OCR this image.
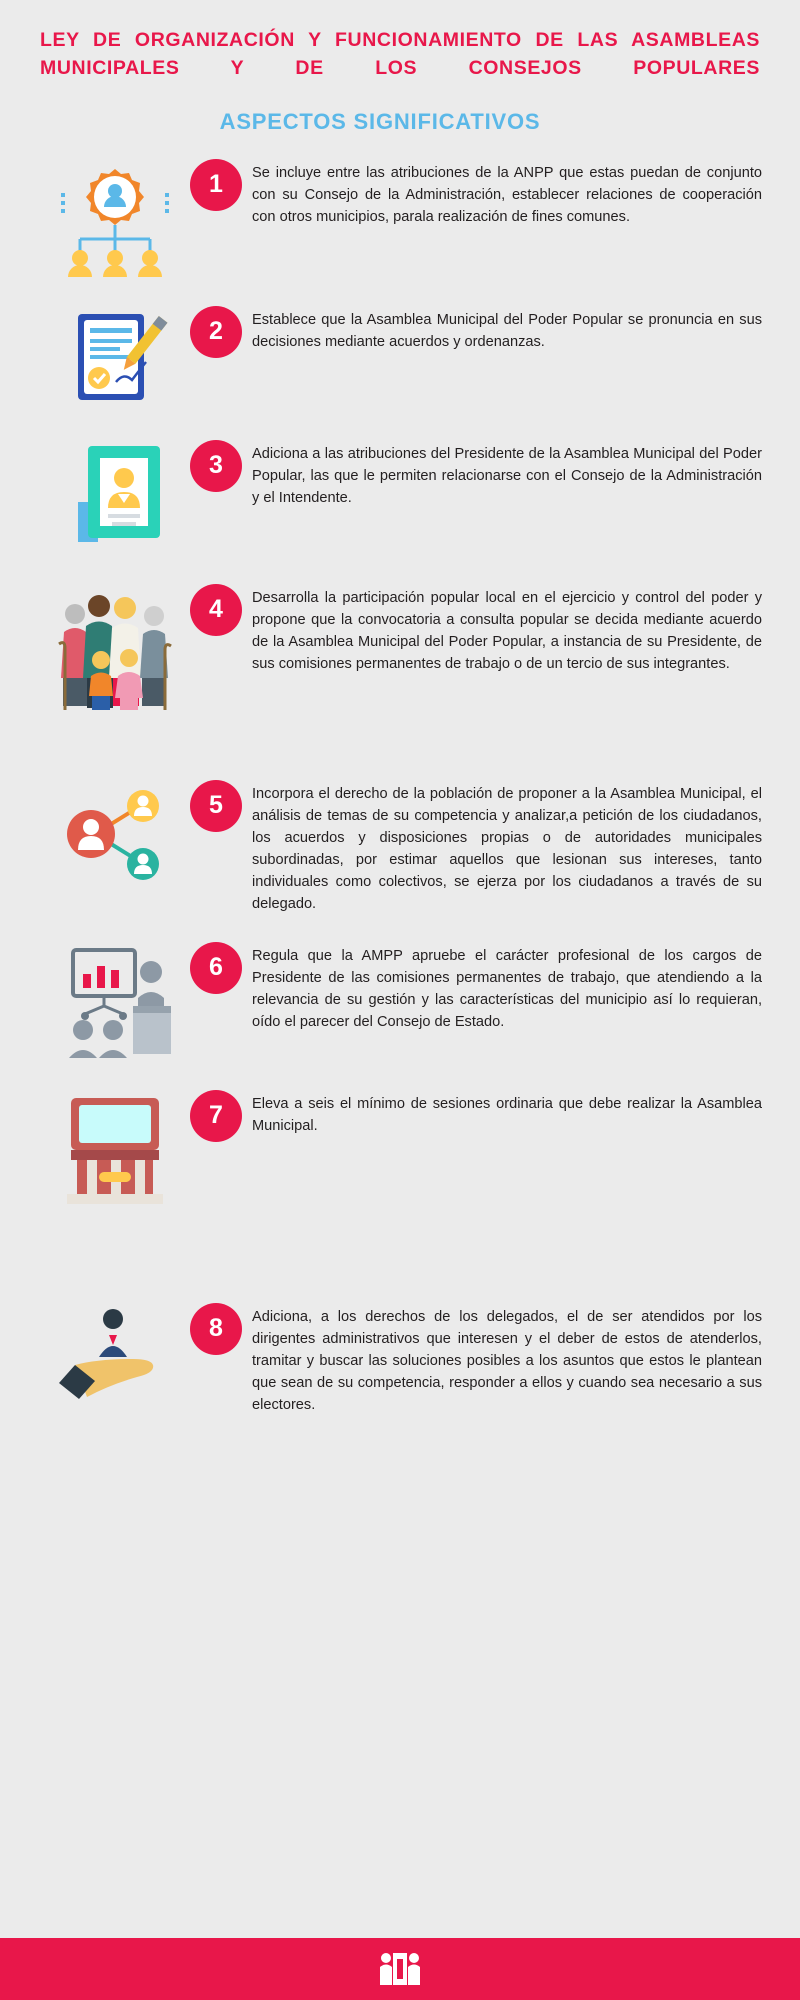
LEY DE ORGANIZACIÓN Y FUNCIONAMIENTO DE LAS ASAMBLEAS MUNICIPALES Y DE LOS CONSEJOS POPULARES
ASPECTOS SIGNIFICATIVOS
1	Se incluye entre las atribuciones de la ANPP que estas puedan de conjunto con su Consejo de la Administración, establecer relaciones de cooperación con otros municipios, parala realización de fines comunes.
2	Establece que la Asamblea Municipal del Poder Popular se pronuncia en sus decisiones mediante acuerdos y ordenanzas.
3	Adiciona a las atribuciones del Presidente de la Asamblea Municipal del Poder Popular, las que le permiten relacionarse con el Consejo de la Administración y el Intendente.
4	Desarrolla la participación popular local en el ejercicio y control del poder y propone que la convocatoria a consulta popular se decida mediante acuerdo de la Asamblea Municipal del Poder Popular, a instancia de su Presidente, de sus comisiones permanentes de trabajo o de un tercio de sus integrantes.
5	Incorpora el derecho de la población de proponer a la Asamblea Municipal, el análisis de temas de su competencia y analizar,a petición de los ciudadanos, los acuerdos y disposiciones propias o de autoridades municipales subordinadas, por estimar aquellos que lesionan sus intereses, tanto individuales como colectivos, se ejerza por los ciudadanos a través de su delegado.
6	Regula que la AMPP apruebe el carácter profesional de los cargos de Presidente de las comisiones permanentes de trabajo, que atendiendo a la relevancia de su gestión y las características del municipio así lo requieran, oído el parecer del Consejo de Estado.
7	Eleva a seis el mínimo de sesiones ordinaria que debe realizar la Asamblea Municipal.
8	Adiciona, a los derechos de los delegados, el de ser atendidos por los dirigentes administrativos que interesen y el deber de estos de atenderlos, tramitar y buscar las soluciones posibles a los asuntos que estos le plantean que sean de su competencia, responder a ellos y cuando sea necesario a sus electores.
